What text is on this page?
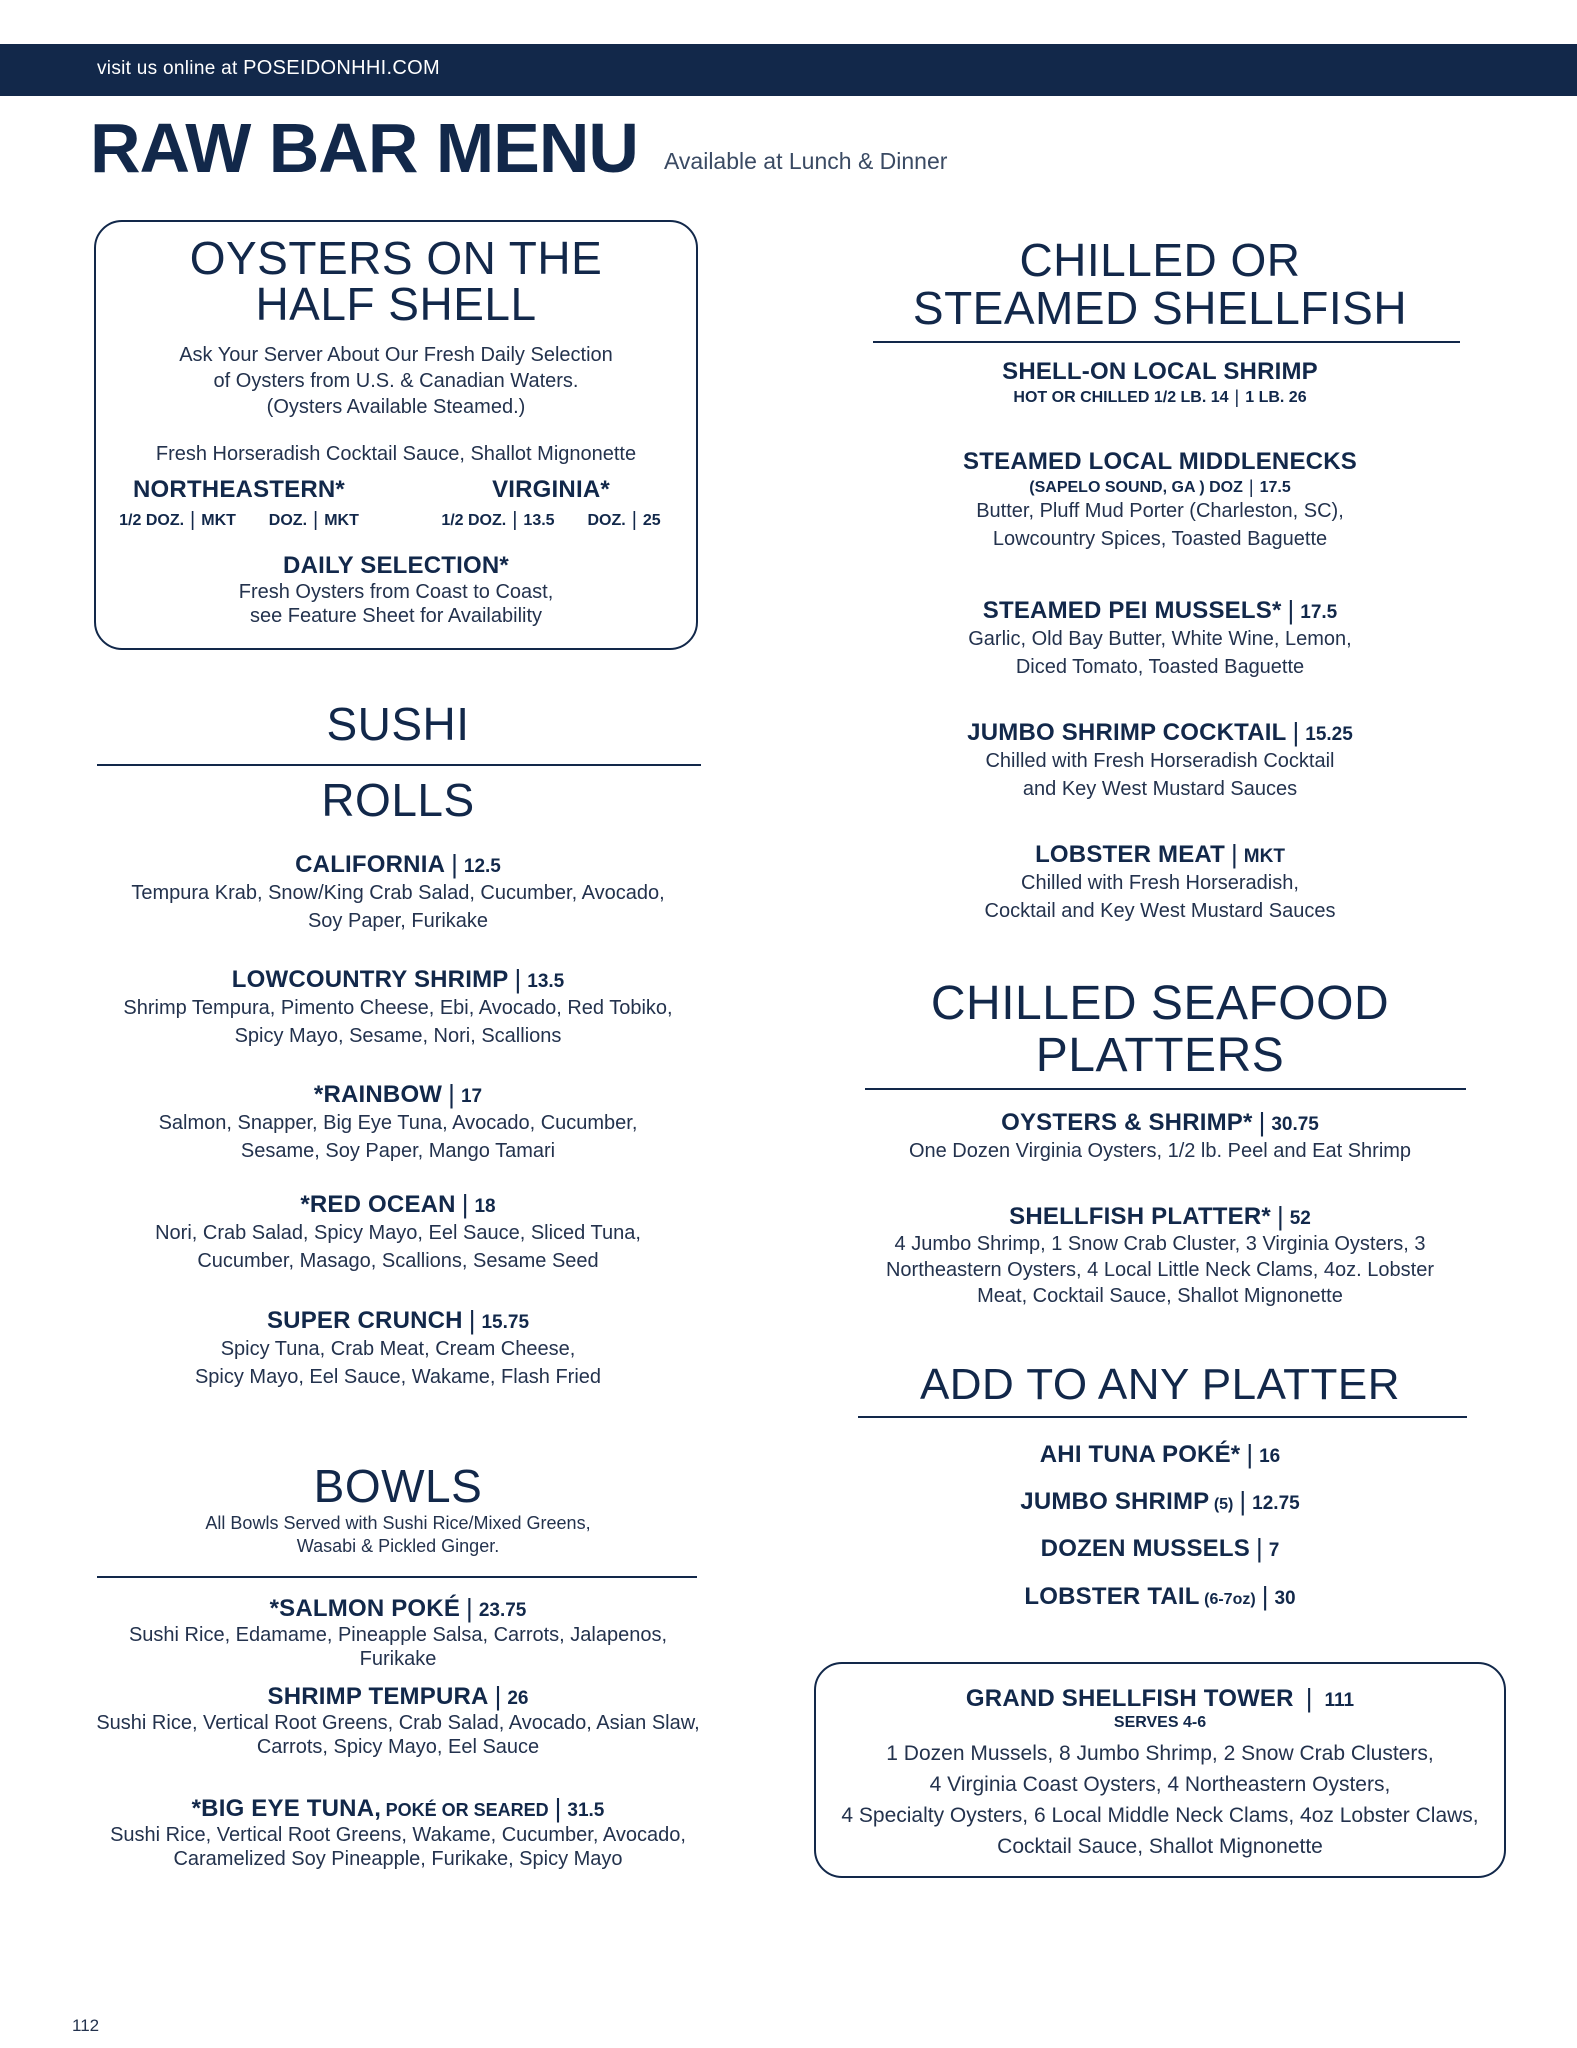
visit us online at POSEIDONHHI.COM
RAW BAR MENU Available at Lunch & Dinner
OYSTERS ON THE
HALF SHELL
Ask Your Server About Our Fresh Daily Selection
of Oysters from U.S. & Canadian Waters.
(Oysters Available Steamed.)
Fresh Horseradish Cocktail Sauce, Shallot Mignonette
NORTHEASTERN*
1/2 DOZ. | MKT DOZ. | MKT
VIRGINIA*
1/2 DOZ. | 13.5 DOZ. | 25
DAILY SELECTION*
Fresh Oysters from Coast to Coast,
see Feature Sheet for Availability
SUSHI
ROLLS
CALIFORNIA | 12.5
Tempura Krab, Snow/King Crab Salad, Cucumber, Avocado,
Soy Paper, Furikake
LOWCOUNTRY SHRIMP | 13.5
Shrimp Tempura, Pimento Cheese, Ebi, Avocado, Red Tobiko,
Spicy Mayo, Sesame, Nori, Scallions
*RAINBOW | 17
Salmon, Snapper, Big Eye Tuna, Avocado, Cucumber,
Sesame, Soy Paper, Mango Tamari
*RED OCEAN | 18
Nori, Crab Salad, Spicy Mayo, Eel Sauce, Sliced Tuna,
Cucumber, Masago, Scallions, Sesame Seed
SUPER CRUNCH | 15.75
Spicy Tuna, Crab Meat, Cream Cheese,
Spicy Mayo, Eel Sauce, Wakame, Flash Fried
BOWLS
All Bowls Served with Sushi Rice/Mixed Greens,
Wasabi & Pickled Ginger.
*SALMON POKÉ | 23.75
Sushi Rice, Edamame, Pineapple Salsa, Carrots, Jalapenos, Furikake
SHRIMP TEMPURA | 26
Sushi Rice, Vertical Root Greens, Crab Salad, Avocado, Asian Slaw,
Carrots, Spicy Mayo, Eel Sauce
*BIG EYE TUNA, POKÉ OR SEARED | 31.5
Sushi Rice, Vertical Root Greens, Wakame, Cucumber, Avocado,
Caramelized Soy Pineapple, Furikake, Spicy Mayo
CHILLED OR
STEAMED SHELLFISH
SHELL-ON LOCAL SHRIMP
HOT OR CHILLED 1/2 LB. 14 | 1 LB. 26
STEAMED LOCAL MIDDLENECKS
(SAPELO SOUND, GA ) DOZ | 17.5
Butter, Pluff Mud Porter (Charleston, SC),
Lowcountry Spices, Toasted Baguette
STEAMED PEI MUSSELS* | 17.5
Garlic, Old Bay Butter, White Wine, Lemon,
Diced Tomato, Toasted Baguette
JUMBO SHRIMP COCKTAIL | 15.25
Chilled with Fresh Horseradish Cocktail
and Key West Mustard Sauces
LOBSTER MEAT | MKT
Chilled with Fresh Horseradish,
Cocktail and Key West Mustard Sauces
CHILLED SEAFOOD
PLATTERS
OYSTERS & SHRIMP* | 30.75
One Dozen Virginia Oysters, 1/2 lb. Peel and Eat Shrimp
SHELLFISH PLATTER* | 52
4 Jumbo Shrimp, 1 Snow Crab Cluster, 3 Virginia Oysters, 3
Northeastern Oysters, 4 Local Little Neck Clams, 4oz. Lobster
Meat, Cocktail Sauce, Shallot Mignonette
ADD TO ANY PLATTER
AHI TUNA POKÉ* | 16
JUMBO SHRIMP (5) | 12.75
DOZEN MUSSELS | 7
LOBSTER TAIL (6-7oz) | 30
GRAND SHELLFISH TOWER | 111
SERVES 4-6
1 Dozen Mussels, 8 Jumbo Shrimp, 2 Snow Crab Clusters,
4 Virginia Coast Oysters, 4 Northeastern Oysters,
4 Specialty Oysters, 6 Local Middle Neck Clams, 4oz Lobster Claws,
Cocktail Sauce, Shallot Mignonette
112
